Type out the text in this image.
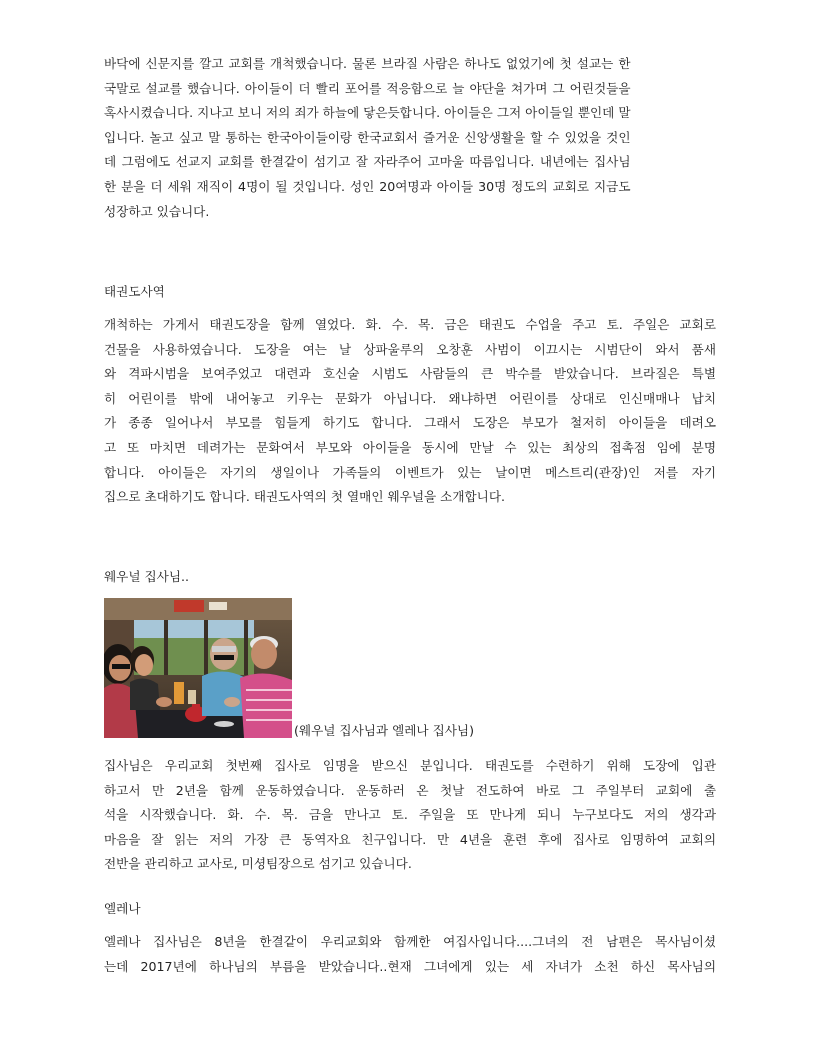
바닥에 신문지를 깔고 교회를 개척했습니다. 물론 브라질 사람은 하나도 없었기에 첫 설교는 한
국말로 설교를 했습니다. 아이들이 더 빨리 포어를 적응함으로 늘 야단을 쳐가며 그 어린것들을
혹사시켰습니다. 지나고 보니 저의 죄가 하늘에 닿은듯합니다. 아이들은 그저 아이들일 뿐인데 말
입니다. 놀고 싶고 말 통하는 한국아이들이랑 한국교회서 즐거운 신앙생활을 할 수 있었을 것인
데 그럼에도 선교지 교회를 한결같이 섬기고 잘 자라주어 고마울 따름입니다. 내년에는 집사님
한 분을 더 세워 재직이 4명이 될 것입니다. 성인 20여명과 아이들 30명 정도의 교회로 지금도
성장하고 있습니다.

태권도사역

개척하는 가게서 태권도장을 함께 열었다. 화. 수. 목. 금은 태권도 수업을 주고 토. 주일은 교회로
건물을 사용하였습니다. 도장을 여는 날 상파울루의 오창훈 사범이 이끄시는 시범단이 와서 품새
와 격파시범을 보여주었고 대련과 호신술 시범도 사람들의 큰 박수를 받았습니다. 브라질은 특별
히 어린이를 밖에 내어놓고 키우는 문화가 아닙니다. 왜냐하면 어린이를 상대로 인신매매나 납치
가 종종 일어나서 부모를 힘들게 하기도 합니다. 그래서 도장은 부모가 철저히 아이들을 데려오
고 또 마치면 데려가는 문화여서 부모와 아이들을 동시에 만날 수 있는 최상의 접촉점 임에 분명
합니다. 아이들은 자기의 생일이나 가족들의 이벤트가 있는 날이면 메스트리(관장)인 저를 자기
집으로 초대하기도 합니다. 태권도사역의 첫 열매인 웨우널을 소개합니다.

웨우널 집사님..

(웨우널 집사님과 엘레나 집사님)

집사님은 우리교회 첫번째 집사로 임명을 받으신 분입니다. 태권도를 수련하기 위해 도장에 입관
하고서 만 2년을 함께 운동하였습니다. 운동하러 온 첫날 전도하여 바로 그 주일부터 교회에 출
석을 시작했습니다. 화. 수. 목. 금을 만나고 토. 주일을 또 만나게 되니 누구보다도 저의 생각과
마음을 잘 읽는 저의 가장 큰 동역자요 친구입니다. 만 4년을 훈련 후에 집사로 임명하여 교회의
전반을 관리하고 교사로, 미셩팀장으로 섬기고 있습니다.

엘레나

엘레나 집사님은 8년을 한결같이 우리교회와 함께한 여집사입니다....그녀의 전 남편은 목사님이셨
는데 2017년에 하나님의 부름을 받았습니다..현재 그녀에게 있는 세 자녀가 소천 하신 목사님의
